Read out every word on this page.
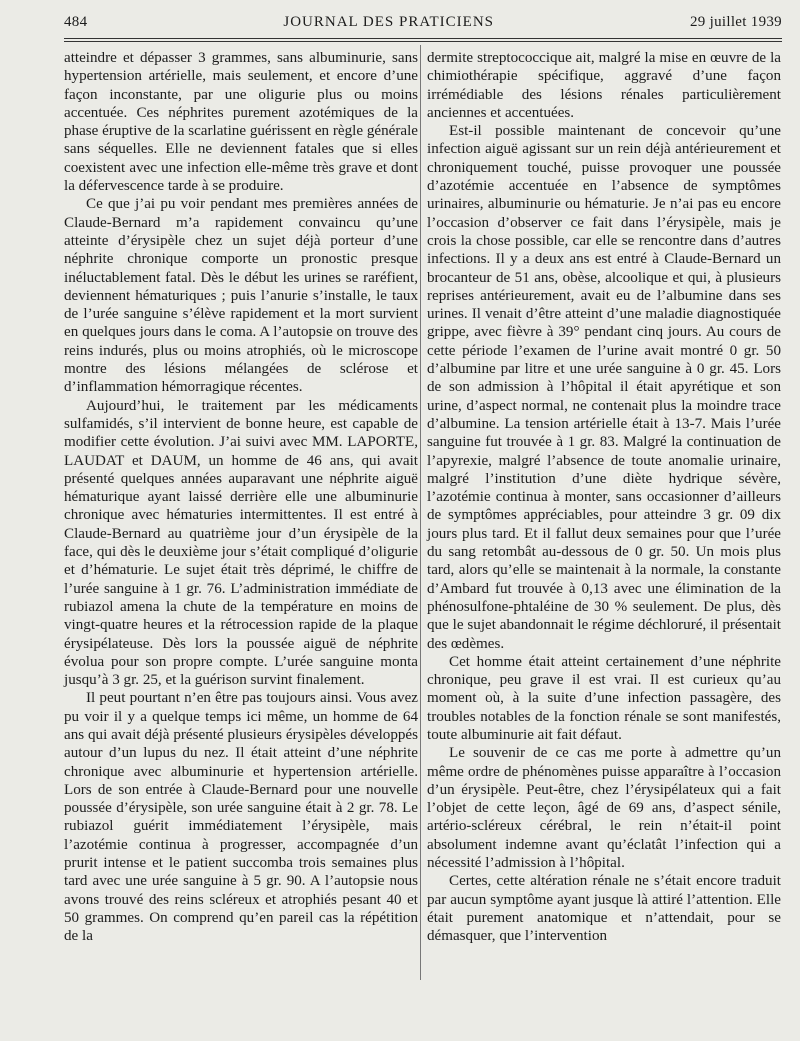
484	JOURNAL DES PRATICIENS	29 juillet 1939

atteindre et dépasser 3 grammes, sans albuminurie, sans hypertension artérielle, mais seulement, et encore d’une façon inconstante, par une oligurie plus ou moins accentuée. Ces néphrites purement azotémiques de la phase éruptive de la scarlatine guérissent en règle générale sans séquelles. Elle ne deviennent fatales que si elles coexistent avec une infection elle-même très grave et dont la défervescence tarde à se produire.

Ce que j’ai pu voir pendant mes premières années de Claude-Bernard m’a rapidement convaincu qu’une atteinte d’érysipèle chez un sujet déjà porteur d’une néphrite chronique comporte un pronostic presque inéluctablement fatal. Dès le début les urines se raréfient, deviennent hématuriques ; puis l’anurie s’installe, le taux de l’urée sanguine s’élève rapidement et la mort survient en quelques jours dans le coma. A l’autopsie on trouve des reins indurés, plus ou moins atrophiés, où le microscope montre des lésions mélangées de sclérose et d’inflammation hémorragique récentes.

Aujourd’hui, le traitement par les médicaments sulfamidés, s’il intervient de bonne heure, est capable de modifier cette évolution. J’ai suivi avec MM. LAPORTE, LAUDAT et DAUM, un homme de 46 ans, qui avait présenté quelques années auparavant une néphrite aiguë hématurique ayant laissé derrière elle une albuminurie chronique avec hématuries intermittentes. Il est entré à Claude-Bernard au quatrième jour d’un érysipèle de la face, qui dès le deuxième jour s’était compliqué d’oligurie et d’hématurie. Le sujet était très déprimé, le chiffre de l’urée sanguine à 1 gr. 76. L’administration immédiate de rubiazol amena la chute de la température en moins de vingt-quatre heures et la rétrocession rapide de la plaque érysipélateuse. Dès lors la poussée aiguë de néphrite évolua pour son propre compte. L’urée sanguine monta jusqu’à 3 gr. 25, et la guérison survint finalement.

Il peut pourtant n’en être pas toujours ainsi. Vous avez pu voir il y a quelque temps ici même, un homme de 64 ans qui avait déjà présenté plusieurs érysipèles développés autour d’un lupus du nez. Il était atteint d’une néphrite chronique avec albuminurie et hypertension artérielle. Lors de son entrée à Claude-Bernard pour une nouvelle poussée d’érysipèle, son urée sanguine était à 2 gr. 78. Le rubiazol guérit immédiatement l’érysipèle, mais l’azotémie continua à progresser, accompagnée d’un prurit intense et le patient succomba trois semaines plus tard avec une urée sanguine à 5 gr. 90. A l’autopsie nous avons trouvé des reins scléreux et atrophiés pesant 40 et 50 grammes. On comprend qu’en pareil cas la répétition de la

dermite streptococcique ait, malgré la mise en œuvre de la chimiothérapie spécifique, aggravé d’une façon irrémédiable des lésions rénales particulièrement anciennes et accentuées.

Est-il possible maintenant de concevoir qu’une infection aiguë agissant sur un rein déjà antérieurement et chroniquement touché, puisse provoquer une poussée d’azotémie accentuée en l’absence de symptômes urinaires, albuminurie ou hématurie. Je n’ai pas eu encore l’occasion d’observer ce fait dans l’érysipèle, mais je crois la chose possible, car elle se rencontre dans d’autres infections. Il y a deux ans est entré à Claude-Bernard un brocanteur de 51 ans, obèse, alcoolique et qui, à plusieurs reprises antérieurement, avait eu de l’albumine dans ses urines. Il venait d’être atteint d’une maladie diagnostiquée grippe, avec fièvre à 39° pendant cinq jours. Au cours de cette période l’examen de l’urine avait montré 0 gr. 50 d’albumine par litre et une urée sanguine à 0 gr. 45. Lors de son admission à l’hôpital il était apyrétique et son urine, d’aspect normal, ne contenait plus la moindre trace d’albumine. La tension artérielle était à 13-7. Mais l’urée sanguine fut trouvée à 1 gr. 83. Malgré la continuation de l’apyrexie, malgré l’absence de toute anomalie urinaire, malgré l’institution d’une diète hydrique sévère, l’azotémie continua à monter, sans occasionner d’ailleurs de symptômes appréciables, pour atteindre 3 gr. 09 dix jours plus tard. Et il fallut deux semaines pour que l’urée du sang retombât au-dessous de 0 gr. 50. Un mois plus tard, alors qu’elle se maintenait à la normale, la constante d’Ambard fut trouvée à 0,13 avec une élimination de la phénosulfone-phtaléine de 30 % seulement. De plus, dès que le sujet abandonnait le régime déchloruré, il présentait des œdèmes.

Cet homme était atteint certainement d’une néphrite chronique, peu grave il est vrai. Il est curieux qu’au moment où, à la suite d’une infection passagère, des troubles notables de la fonction rénale se sont manifestés, toute albuminurie ait fait défaut.

Le souvenir de ce cas me porte à admettre qu’un même ordre de phénomènes puisse apparaître à l’occasion d’un érysipèle. Peut-être, chez l’érysipélateux qui a fait l’objet de cette leçon, âgé de 69 ans, d’aspect sénile, artério-scléreux cérébral, le rein n’était-il point absolument indemne avant qu’éclatât l’infection qui a nécessité l’admission à l’hôpital.

Certes, cette altération rénale ne s’était encore traduit par aucun symptôme ayant jusque là attiré l’attention. Elle était purement anatomique et n’attendait, pour se démasquer, que l’intervention
